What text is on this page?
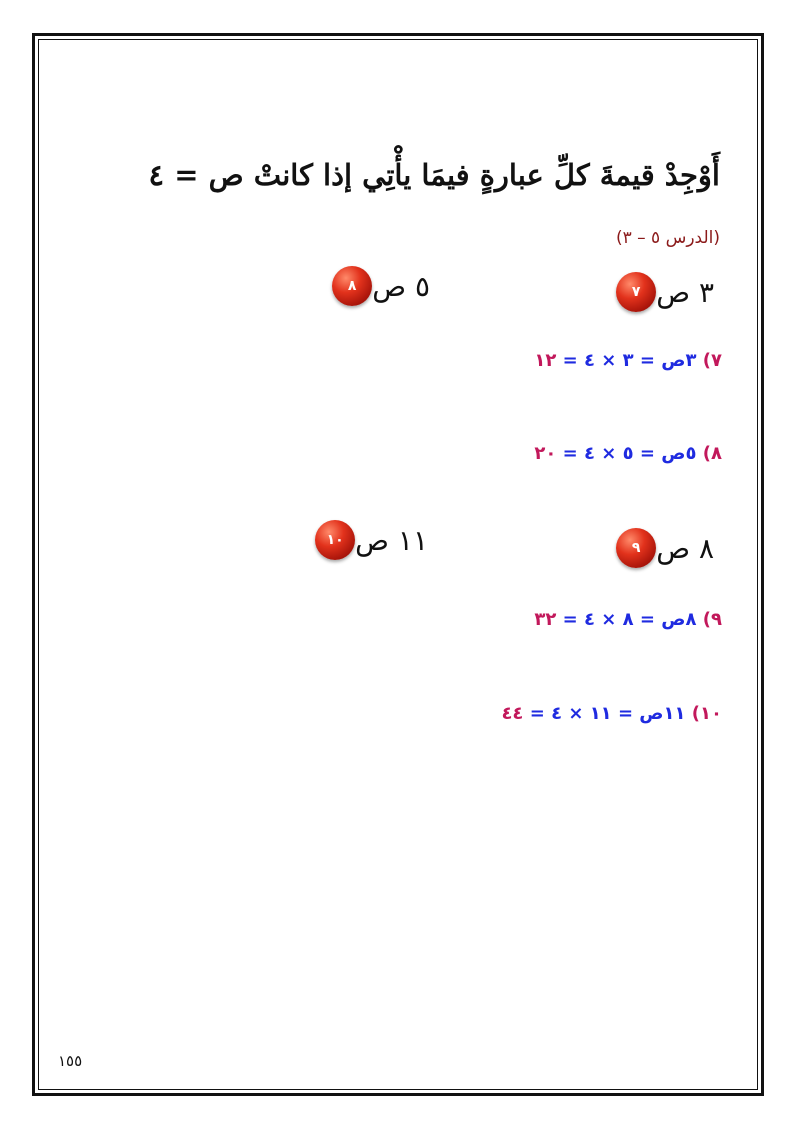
أَوْجِدْ قيمةَ كلِّ عبارةٍ فيمَا يأْتِي إذا كانتْ ص = ٤
(الدرس ٥ – ٣)
٧ ٣ ص
٨ ٥ ص
٧) ٣ص = ٣ × ٤ = ١٢
٨) ٥ص = ٥ × ٤ = ٢٠
٩ ٨ ص
١٠ ١١ ص
٩) ٨ص = ٨ × ٤ = ٣٢
١٠) ١١ص = ١١ × ٤ = ٤٤
١٥٥
